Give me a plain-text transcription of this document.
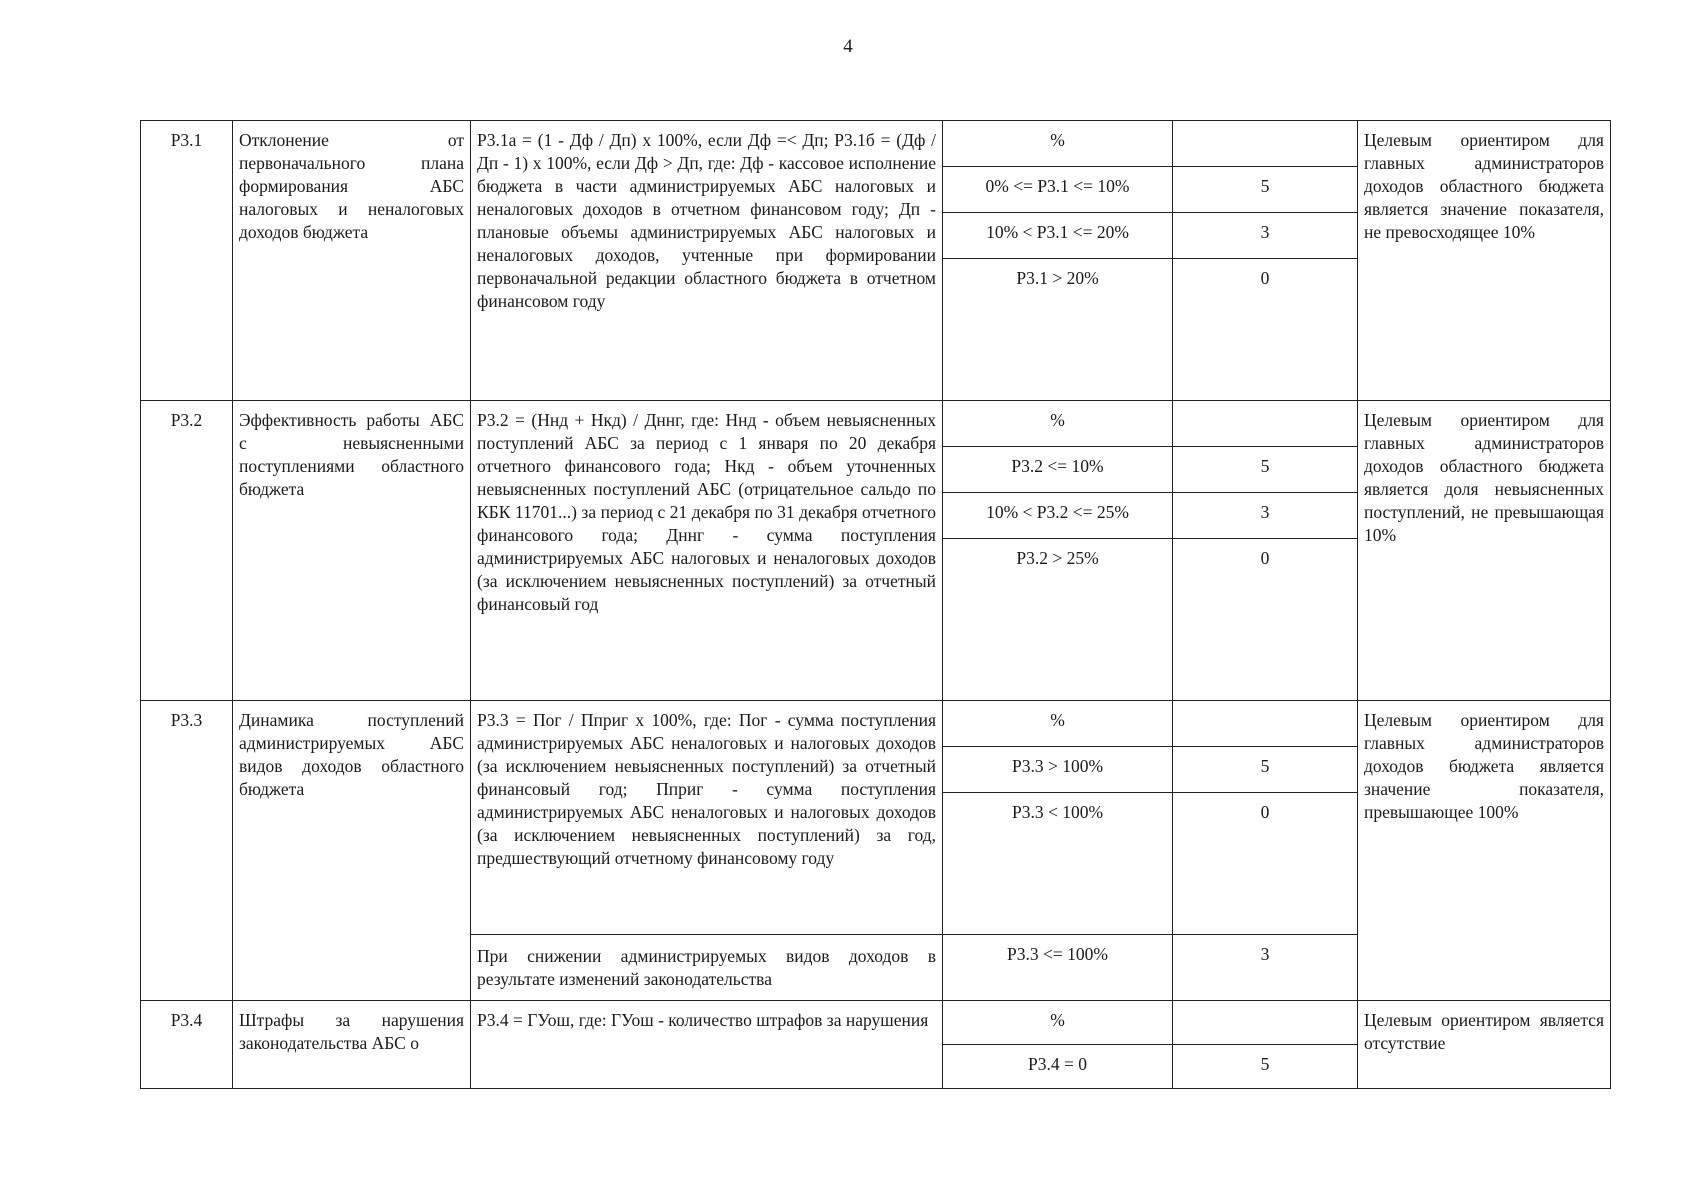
4
Р3.1	Отклонение от первоначального плана формирования АБС налоговых и неналоговых доходов бюджета	Р3.1а = (1 - Дф / Дп) х 100%, если Дф =< Дп; Р3.1б = (Дф / Дп - 1) х 100%, если Дф > Дп, где: Дф - кассовое исполнение бюджета в части администрируемых АБС налоговых и неналоговых доходов в отчетном финансовом году; Дп - плановые объемы администрируемых АБС налоговых и неналоговых доходов, учтенные при формировании первоначальной редакции областного бюджета в отчетном финансовом году	%		Целевым ориентиром для главных администраторов доходов областного бюджета является значение показателя, не превосходящее 10%
			0% <= Р3.1 <= 10%	5	
			10% < Р3.1 <= 20%	3	
			Р3.1 > 20%	0	
Р3.2	Эффективность работы АБС с невыясненными поступлениями областного бюджета	Р3.2 = (Ннд + Нкд) / Дннг, где: Ннд - объем невыясненных поступлений АБС за период с 1 января по 20 декабря отчетного финансового года; Нкд - объем уточненных невыясненных поступлений АБС (отрицательное сальдо по КБК 11701...) за период с 21 декабря по 31 декабря отчетного финансового года; Дннг - сумма поступления администрируемых АБС налоговых и неналоговых доходов (за исключением невыясненных поступлений) за отчетный финансовый год	%		Целевым ориентиром для главных администраторов доходов областного бюджета является доля невыясненных поступлений, не превышающая 10%
			Р3.2 <= 10%	5	
			10% < Р3.2 <= 25%	3	
			Р3.2 > 25%	0	
Р3.3	Динамика поступлений администрируемых АБС видов доходов областного бюджета	Р3.3 = Пог / Пприг х 100%, где: Пог - сумма поступления администрируемых АБС неналоговых и налоговых доходов (за исключением невыясненных поступлений) за отчетный финансовый год; Пприг - сумма поступления администрируемых АБС неналоговых и налоговых доходов (за исключением невыясненных поступлений) за год, предшествующий отчетному финансовому году	%		Целевым ориентиром для главных администраторов доходов бюджета является значение показателя, превышающее 100%
			Р3.3 > 100%	5	
			Р3.3 < 100%	0	
		При снижении администрируемых видов доходов в результате изменений законодательства	Р3.3 <= 100%	3	
Р3.4	Штрафы за нарушения законодательства АБС о	Р3.4 = ГУош, где: ГУош - количество штрафов за нарушения	%		Целевым ориентиром является отсутствие
			Р3.4 = 0	5	
